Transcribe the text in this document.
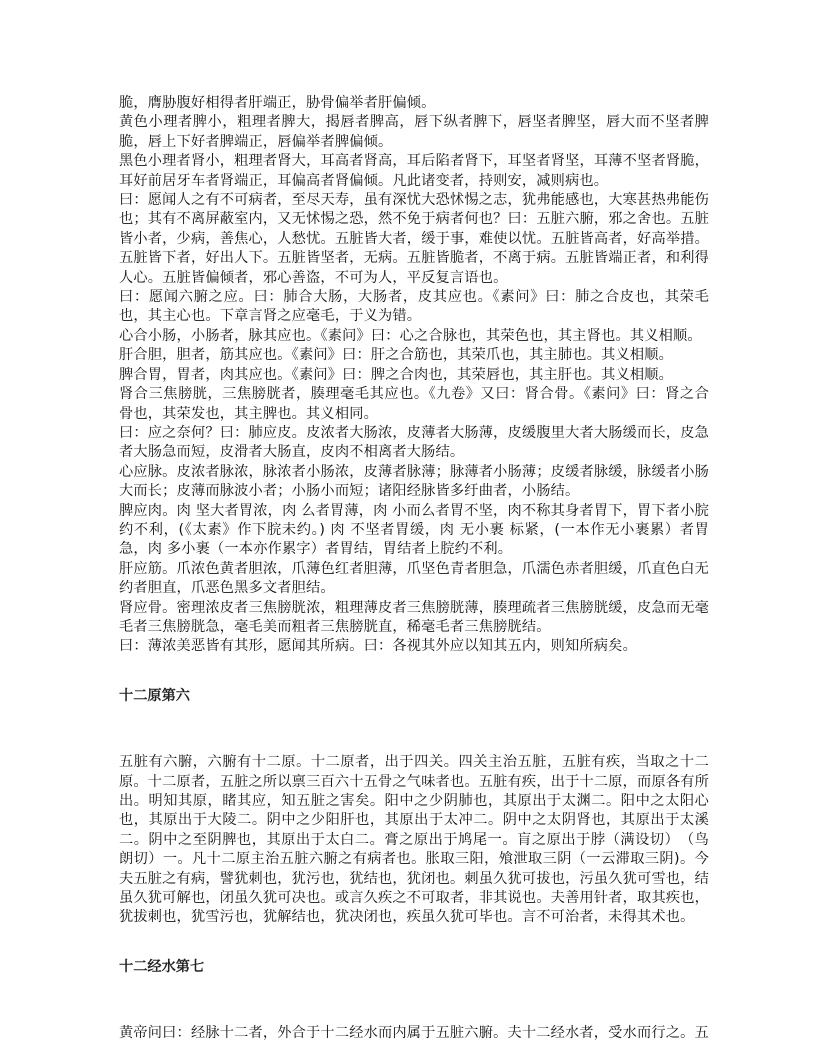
脆，膺胁腹好相得者肝端正，胁骨偏举者肝偏倾。

黄色小理者脾小，粗理者脾大，揭唇者脾高，唇下纵者脾下，唇坚者脾坚，唇大而不坚者脾脆，唇上下好者脾端正，唇偏举者脾偏倾。

黑色小理者肾小，粗理者肾大，耳高者肾高，耳后陷者肾下，耳坚者肾坚，耳薄不坚者肾脆，耳好前居牙车者肾端正，耳偏高者肾偏倾。凡此诸变者，持则安，减则病也。

曰：愿闻人之有不可病者，至尽天寿，虽有深忧大恐怵惕之志，犹弗能感也，大寒甚热弗能伤也；其有不离屏蔽室内，又无怵惕之恐，然不免于病者何也？曰：五脏六腑，邪之舍也。五脏皆小者，少病，善焦心，人愁忧。五脏皆大者，缓于事，难使以忧。五脏皆高者，好高举措。五脏皆下者，好出人下。五脏皆坚者，无病。五脏皆脆者，不离于病。五脏皆端正者，和利得人心。五脏皆偏倾者，邪心善盗，不可为人，平反复言语也。

曰：愿闻六腑之应。曰：肺合大肠，大肠者，皮其应也。《素问》曰：肺之合皮也，其荣毛也，其主心也。下章言肾之应毫毛，于义为错。

心合小肠，小肠者，脉其应也。《素问》曰：心之合脉也，其荣色也，其主肾也。其义相顺。

肝合胆，胆者，筋其应也。《素问》曰：肝之合筋也，其荣爪也，其主肺也。其义相顺。

脾合胃，胃者，肉其应也。《素问》曰：脾之合肉也，其荣唇也，其主肝也。其义相顺。

肾合三焦膀胱，三焦膀胱者，腠理毫毛其应也。《九卷》又曰：肾合骨。《素问》曰：肾之合骨也，其荣发也，其主脾也。其义相同。

曰：应之奈何？曰：肺应皮。皮浓者大肠浓，皮薄者大肠薄，皮缓腹里大者大肠缓而长，皮急者大肠急而短，皮滑者大肠直，皮肉不相离者大肠结。

心应脉。皮浓者脉浓，脉浓者小肠浓，皮薄者脉薄；脉薄者小肠薄；皮缓者脉缓，脉缓者小肠大而长；皮薄而脉波小者；小肠小而短；诸阳经脉皆多纡曲者，小肠结。

脾应肉。肉 坚大者胃浓，肉 么者胃薄，肉 小而么者胃不坚，肉不称其身者胃下，胃下者小脘约不利，(《太素》作下脘未约。) 肉 不坚者胃缓，肉 无小裹 标紧，(一本作无小裹累）者胃急，肉 多小裹（一本亦作累字）者胃结，胃结者上脘约不利。

肝应筋。爪浓色黄者胆浓，爪薄色红者胆薄，爪坚色青者胆急，爪濡色赤者胆缓，爪直色白无约者胆直，爪恶色黑多文者胆结。

肾应骨。密理浓皮者三焦膀胱浓，粗理薄皮者三焦膀胱薄，腠理疏者三焦膀胱缓，皮急而无毫毛者三焦膀胱急，毫毛美而粗者三焦膀胱直，稀毫毛者三焦膀胱结。

曰：薄浓美恶皆有其形，愿闻其所病。曰：各视其外应以知其五内，则知所病矣。

十二原第六

五脏有六腑，六腑有十二原。十二原者，出于四关。四关主治五脏，五脏有疾，当取之十二原。十二原者，五脏之所以禀三百六十五骨之气味者也。五脏有疾，出于十二原，而原各有所出。明知其原，睹其应，知五脏之害矣。阳中之少阴肺也，其原出于太渊二。阳中之太阳心也，其原出于大陵二。阴中之少阳肝也，其原出于太冲二。阴中之太阴肾也，其原出于太溪二。阴中之至阴脾也，其原出于太白二。膏之原出于鸠尾一。肓之原出于脖（满设切）　（鸟朗切）一。凡十二原主治五脏六腑之有病者也。胀取三阳，飧泄取三阴（一云滞取三阴)。今夫五脏之有病，譬犹刺也，犹污也，犹结也，犹闭也。刺虽久犹可拔也，污虽久犹可雪也，结虽久犹可解也，闭虽久犹可决也。或言久疾之不可取者，非其说也。夫善用针者，取其疾也，犹拔刺也，犹雪污也，犹解结也，犹决闭也，疾虽久犹可毕也。言不可治者，未得其术也。

十二经水第七

黄帝问曰：经脉十二者，外合于十二经水而内属于五脏六腑。夫十二经水者，受水而行之。五
